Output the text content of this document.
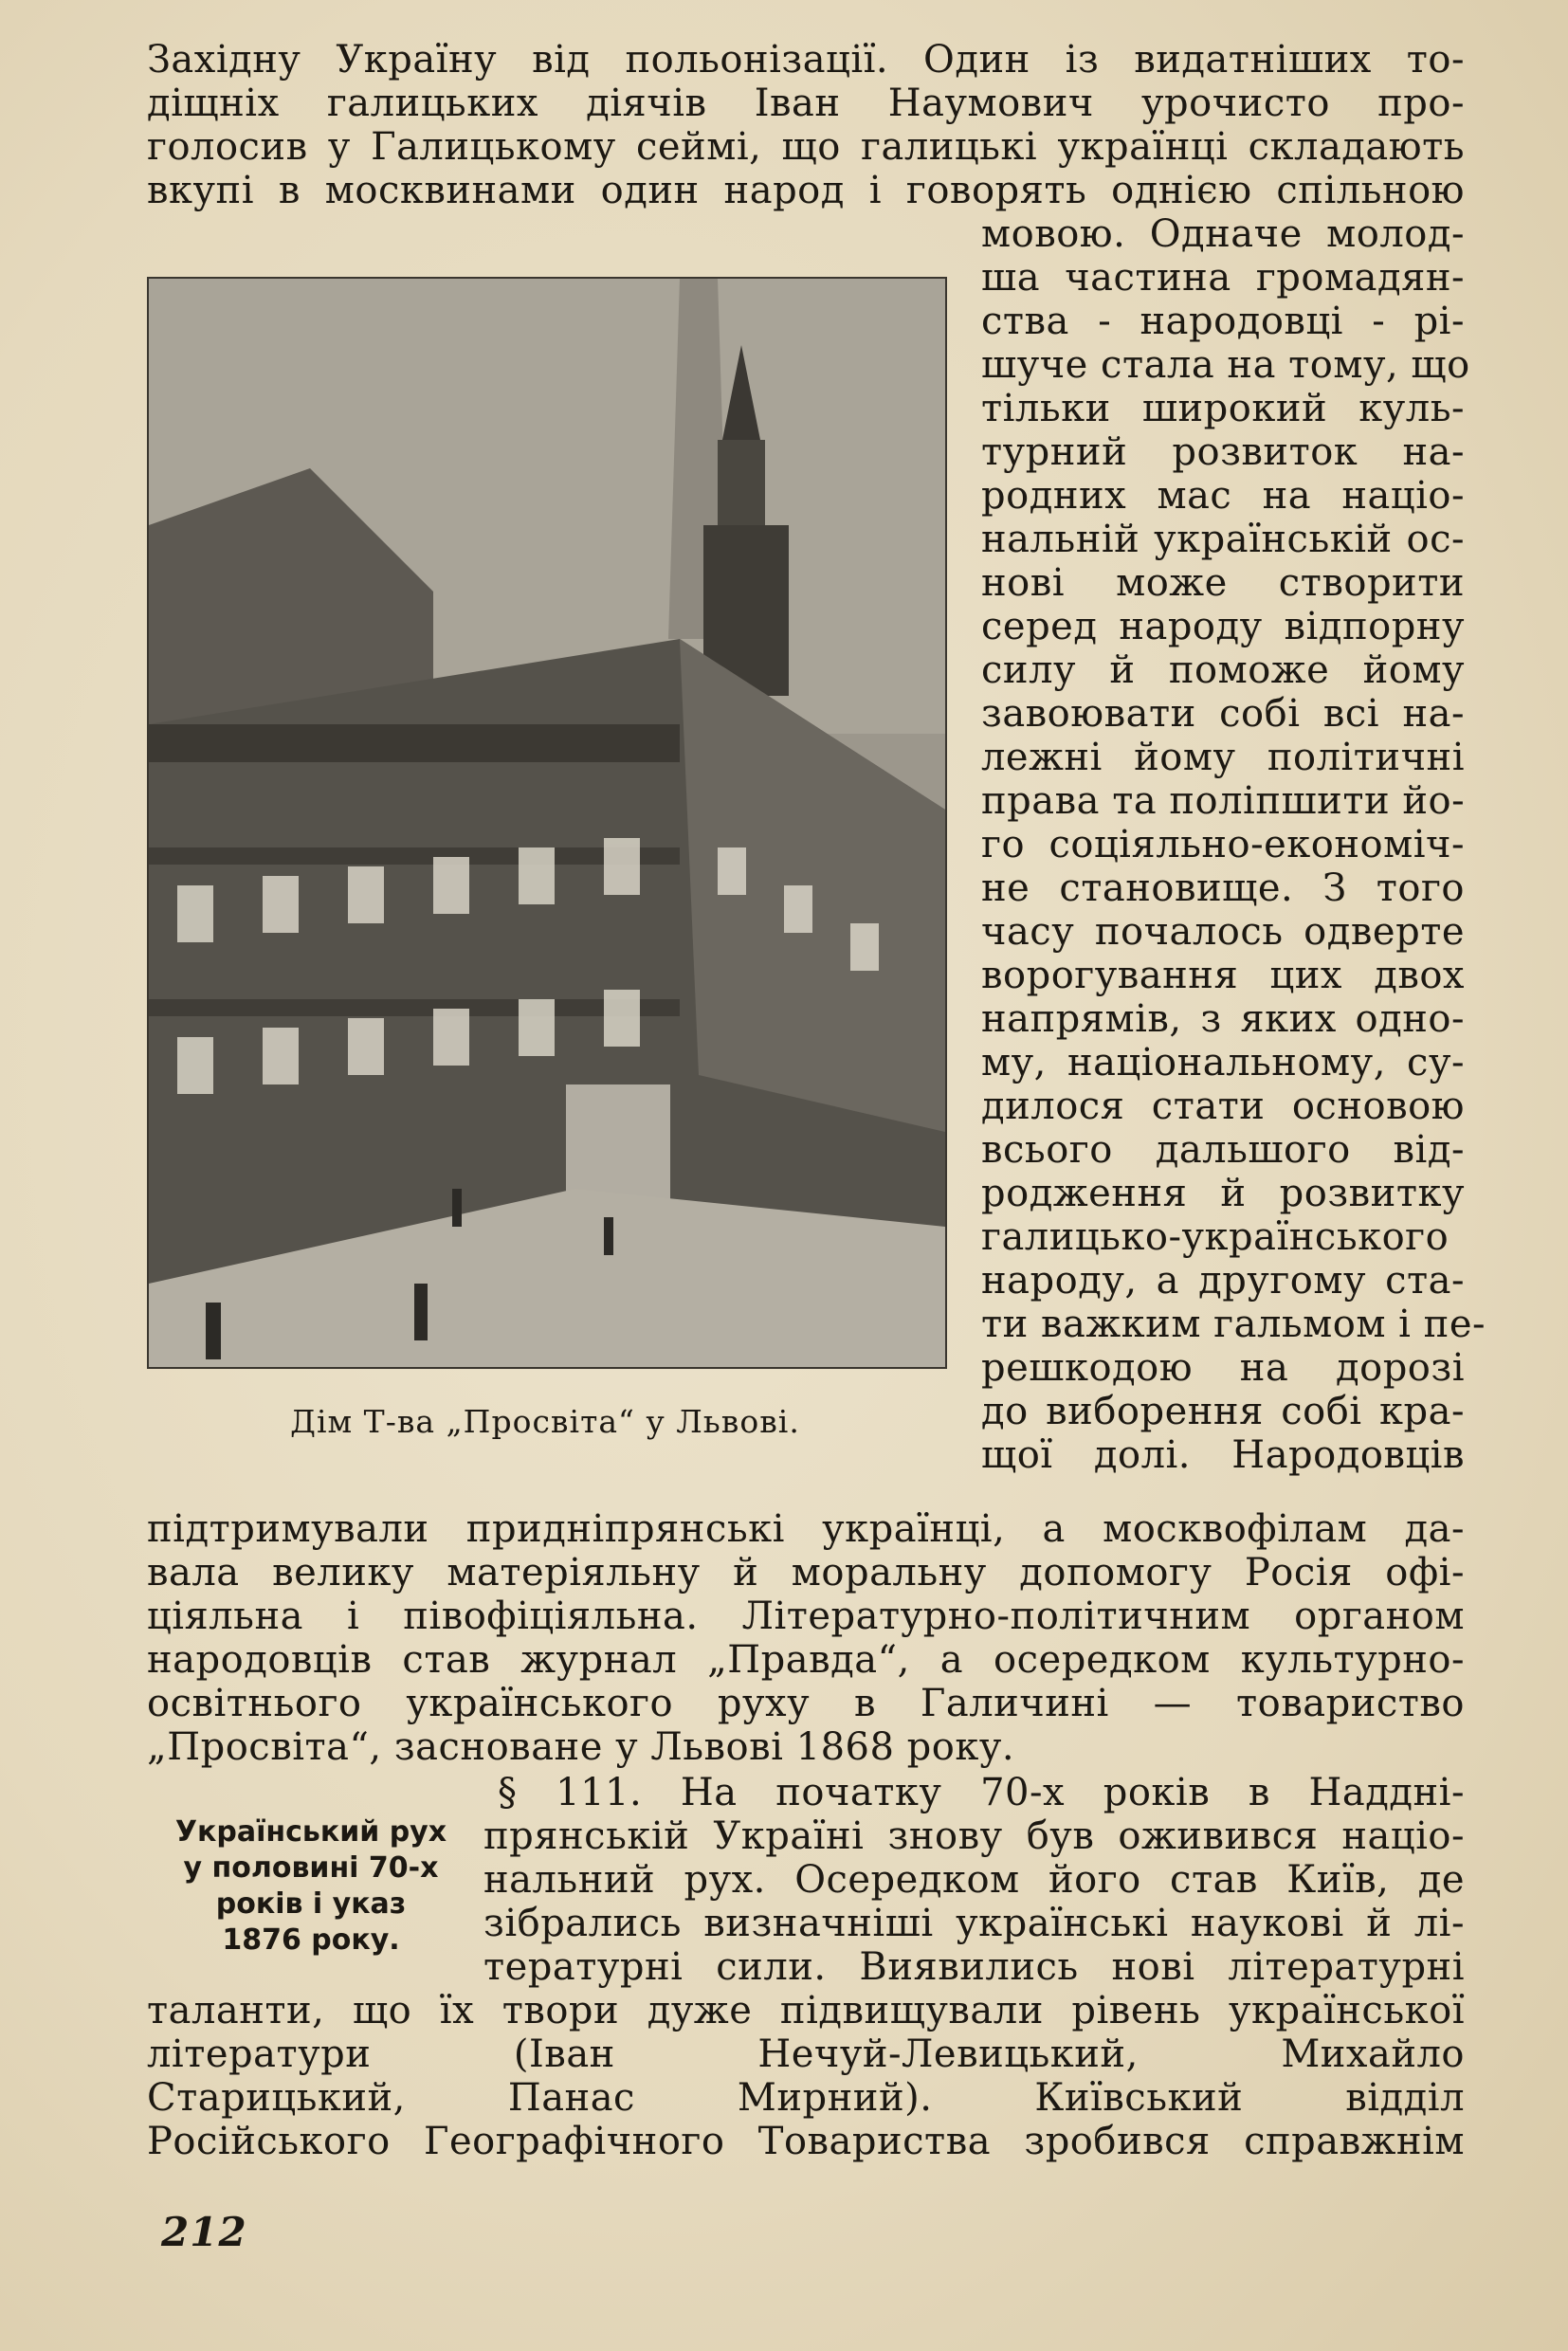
Західну Україну від польонізації. Один із видатніших то-
діщніх галицьких діячів Іван Наумович урочисто про-
голосив у Галицькому сеймі, що галицькі українці складають
вкупі в москвинами один народ і говорять однією спільною
Дім Т-ва „Просвіта“ у Львові.
мовою. Одначе молод-
ша частина громадян-
ства - народовці - рі-
шуче стала на тому, що
тільки широкий куль-
турний розвиток на-
родних мас на націо-
нальній українській ос-
нові може створити
серед народу відпорну
силу й поможе йому
завоювати собі всі на-
лежні йому політичні
права та поліпшити йо-
го соціяльно-економіч-
не становище. З того
часу почалось одверте
ворогування цих двох
напрямів, з яких одно-
му, національному, су-
дилося стати основою
всього дальшого від-
родження й розвитку
галицько-українського
народу, а другому ста-
ти важким гальмом і пе-
решкодою на дорозі
до виборення собі кра-
щої долі. Народовців
підтримували придніпрянські українці, а москвофілам да-
вала велику матеріяльну й моральну допомогу Росія офі-
ціяльна і півофіціяльна. Літературно-політичним органом
народовців став журнал „Правда“, а осередком культурно-
освітнього українського руху в Галичині — товариство
„Просвіта“, засноване у Львові 1868 року.
Український рух
у половині 70-х
років і указ
1876 року.
§ 111. На початку 70-х років в Наддні-
прянській Україні знову був оживився націо-
нальний рух. Осередком його став Київ, де
зібрались визначніші українські наукові й лі-
тературні сили. Виявились нові літературні
таланти, що їх твори дуже підвищували рівень української
літератури (Іван Нечуй-Левицький, Михайло
Старицький, Панас Мирний). Київський відділ
Російського Географічного Товариства зробився справжнім
212
